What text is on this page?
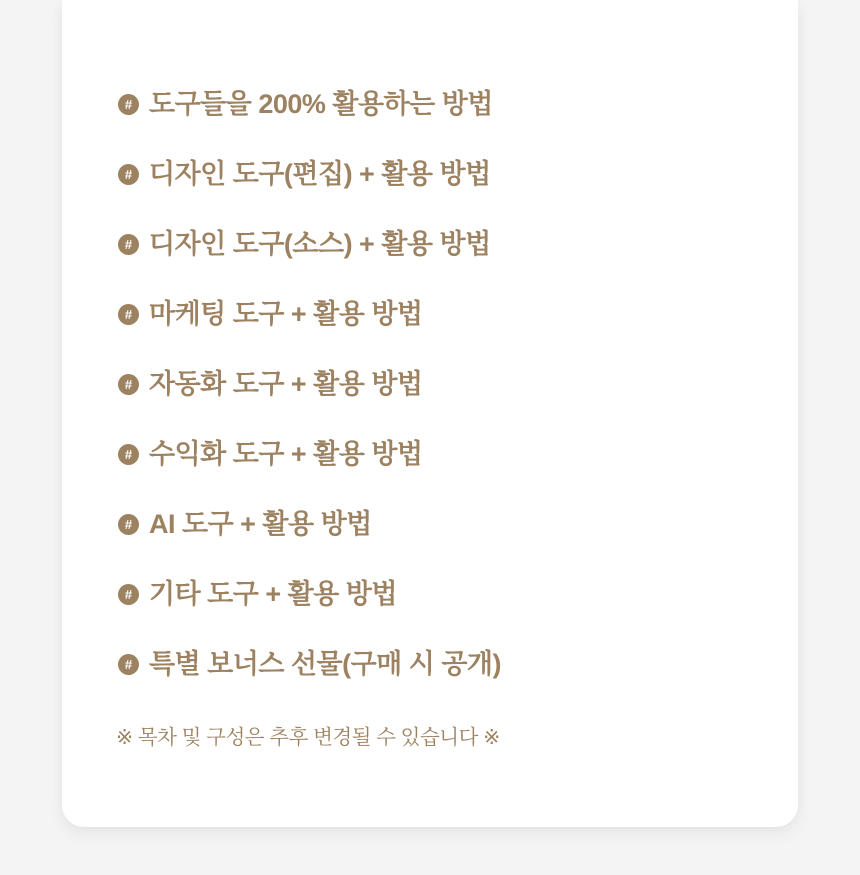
# 도구들을 200% 활용하는 방법
# 디자인 도구(편집) + 활용 방법
# 디자인 도구(소스) + 활용 방법
# 마케팅 도구 + 활용 방법
# 자동화 도구 + 활용 방법
# 수익화 도구 + 활용 방법
# AI 도구 + 활용 방법
# 기타 도구 + 활용 방법
# 특별 보너스 선물(구매 시 공개)
※ 목차 및 구성은 추후 변경될 수 있습니다 ※
